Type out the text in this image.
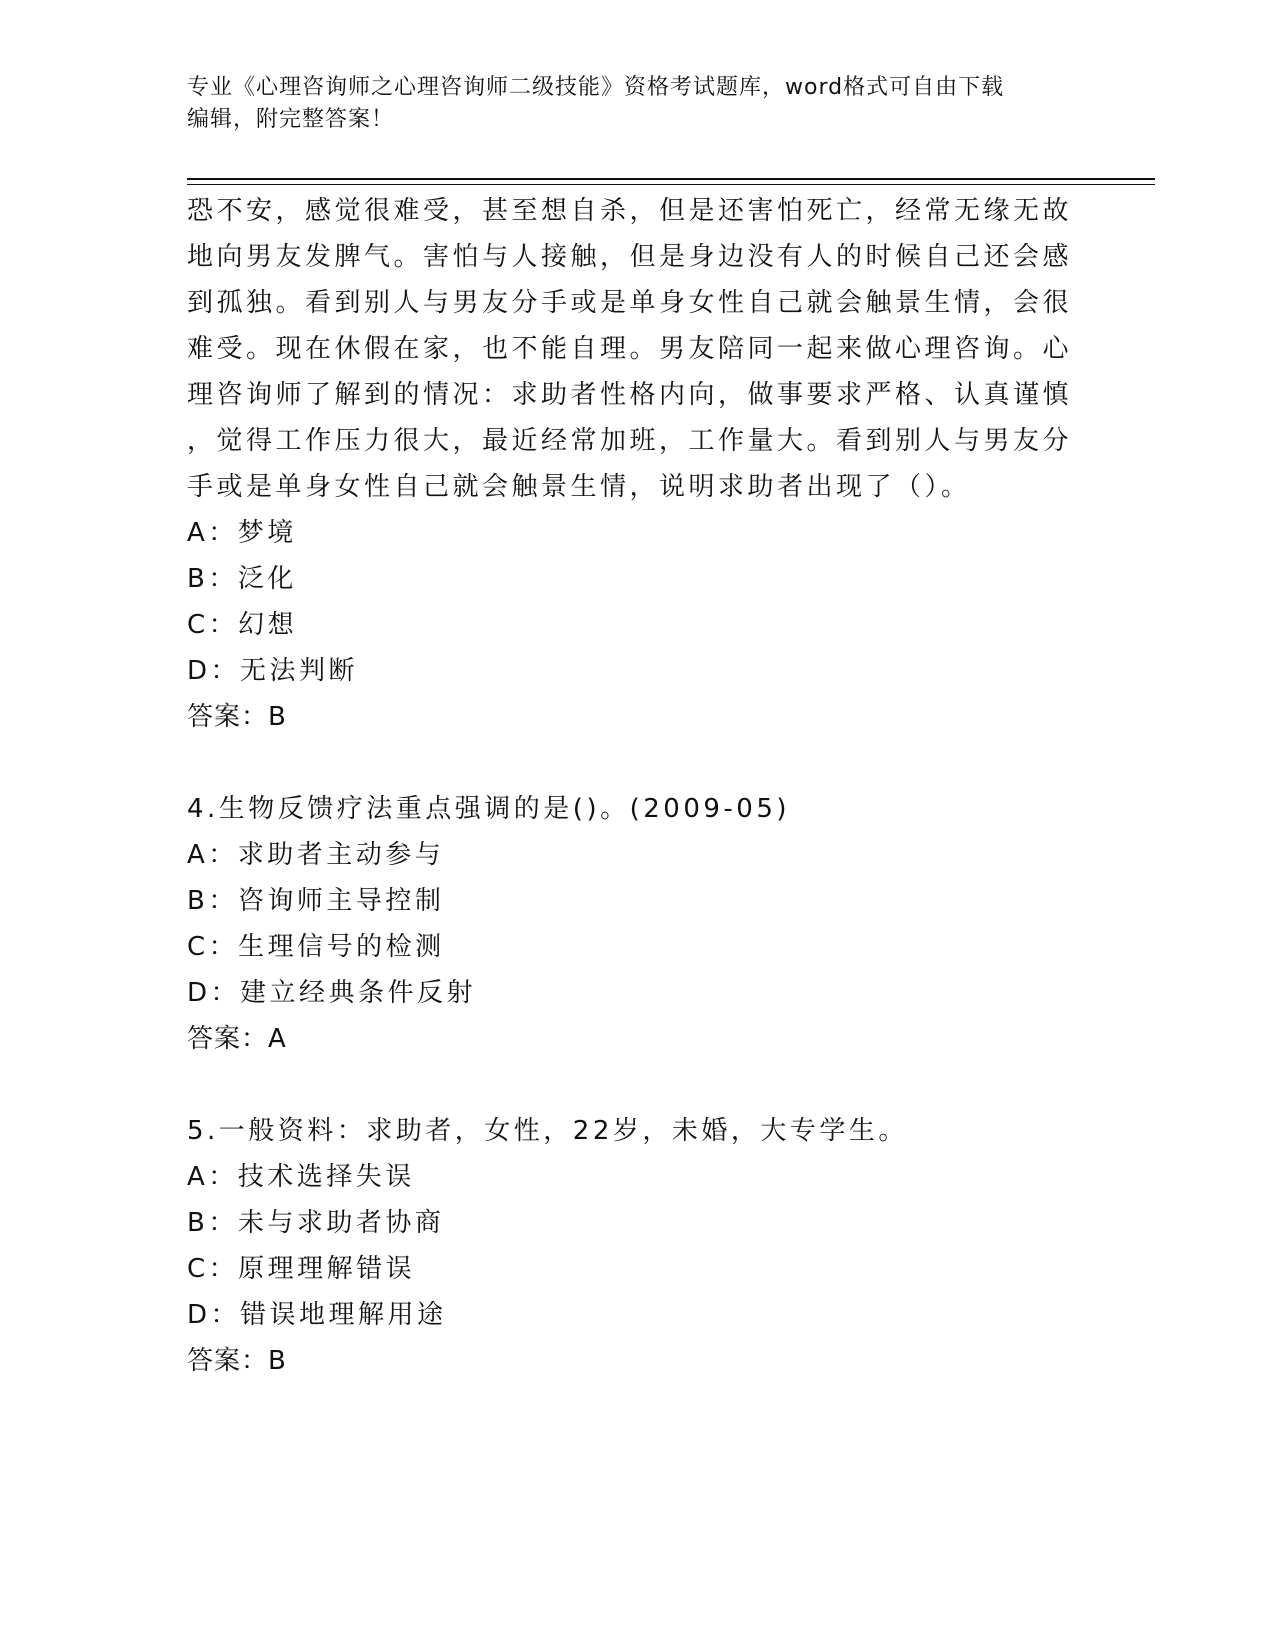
专业《心理咨询师之心理咨询师二级技能》资格考试题库，word格式可自由下载
编辑，附完整答案！
恐不安，感觉很难受，甚至想自杀，但是还害怕死亡，经常无缘无故
地向男友发脾气。害怕与人接触，但是身边没有人的时候自己还会感
到孤独。看到别人与男友分手或是单身女性自己就会触景生情，会很
难受。现在休假在家，也不能自理。男友陪同一起来做心理咨询。心
理咨询师了解到的情况：求助者性格内向，做事要求严格、认真谨慎
，觉得工作压力很大，最近经常加班，工作量大。看到别人与男友分
手或是单身女性自己就会触景生情，说明求助者出现了（）。
A：梦境
B：泛化
C：幻想
D：无法判断
答案：B
4.生物反馈疗法重点强调的是()。(2009-05)
A：求助者主动参与
B：咨询师主导控制
C：生理信号的检测
D：建立经典条件反射
答案：A
5.一般资料：求助者，女性，22岁，未婚，大专学生。
A：技术选择失误
B：未与求助者协商
C：原理理解错误
D：错误地理解用途
答案：B
